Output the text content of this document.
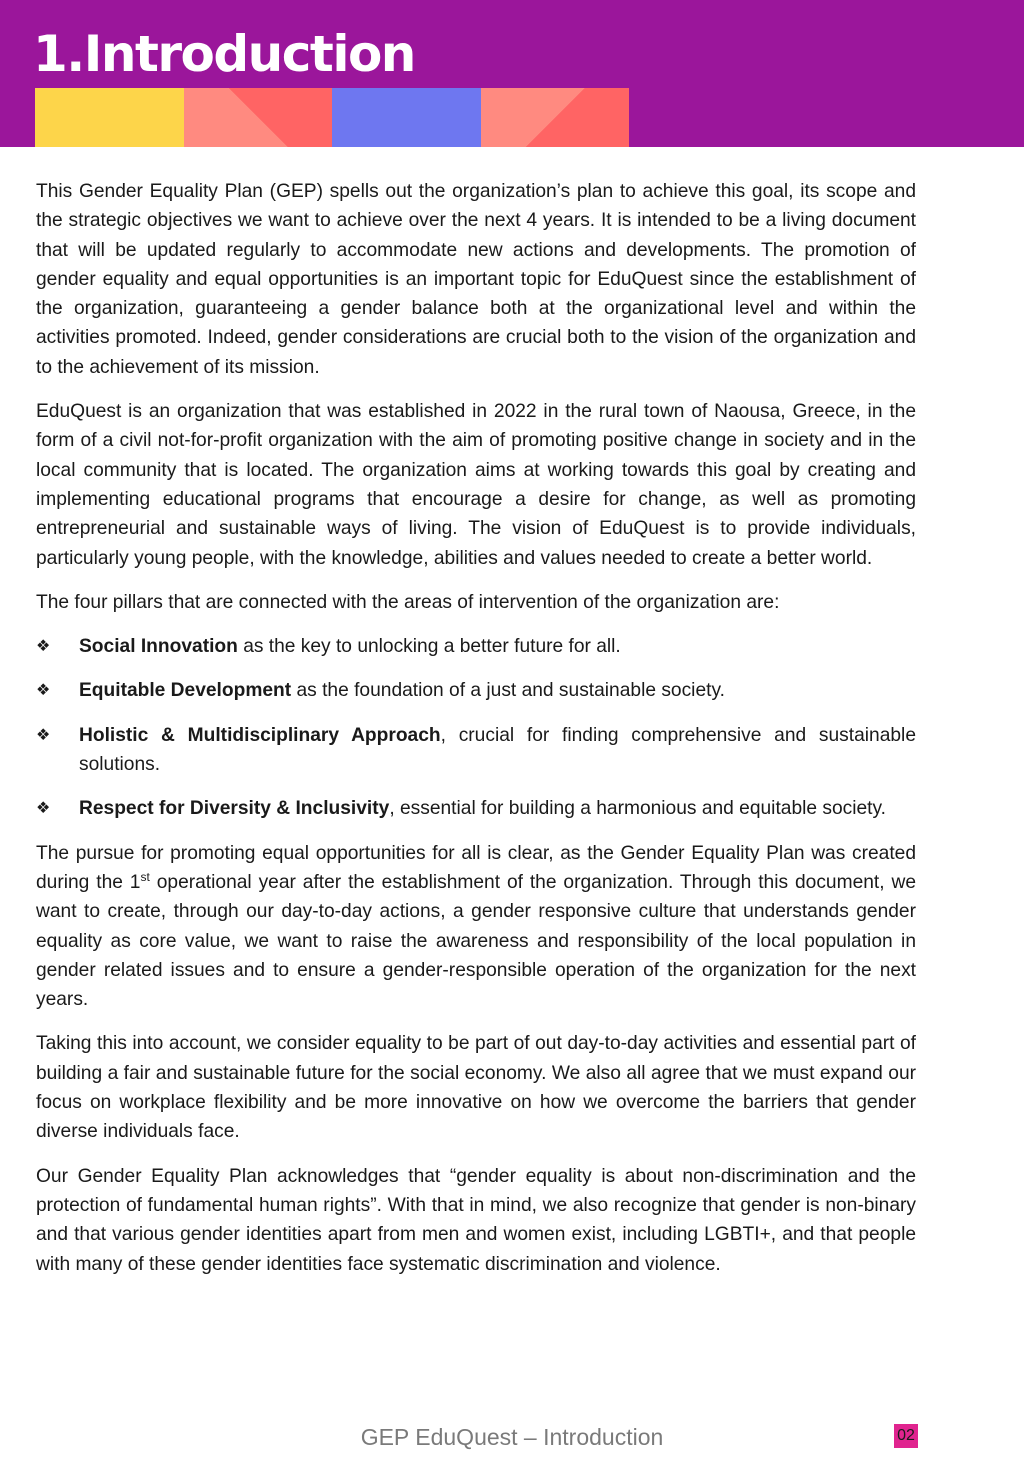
1.Introduction

This Gender Equality Plan (GEP) spells out the organization’s plan to achieve this goal, its scope and the strategic objectives we want to achieve over the next 4 years. It is intended to be a living document that will be updated regularly to accommodate new actions and developments. The promotion of gender equality and equal opportunities is an important topic for EduQuest since the establishment of the organization, guaranteeing a gender balance both at the organizational level and within the activities promoted. Indeed, gender considerations are crucial both to the vision of the organization and to the achievement of its mission.

EduQuest is an organization that was established in 2022 in the rural town of Naousa, Greece, in the form of a civil not-for-profit organization with the aim of promoting positive change in society and in the local community that is located. The organization aims at working towards this goal by creating and implementing educational programs that encourage a desire for change, as well as promoting entrepreneurial and sustainable ways of living. The vision of EduQuest is to provide individuals, particularly young people, with the knowledge, abilities and values needed to create a better world.

The four pillars that are connected with the areas of intervention of the organization are:

❖ Social Innovation as the key to unlocking a better future for all.
❖ Equitable Development as the foundation of a just and sustainable society.
❖ Holistic & Multidisciplinary Approach, crucial for finding comprehensive and sustainable solutions.
❖ Respect for Diversity & Inclusivity, essential for building a harmonious and equitable society.

The pursue for promoting equal opportunities for all is clear, as the Gender Equality Plan was created during the 1st operational year after the establishment of the organization. Through this document, we want to create, through our day-to-day actions, a gender responsive culture that understands gender equality as core value, we want to raise the awareness and responsibility of the local population in gender related issues and to ensure a gender-responsible operation of the organization for the next years.

Taking this into account, we consider equality to be part of out day-to-day activities and essential part of building a fair and sustainable future for the social economy. We also all agree that we must expand our focus on workplace flexibility and be more innovative on how we overcome the barriers that gender diverse individuals face.

Our Gender Equality Plan acknowledges that “gender equality is about non-discrimination and the protection of fundamental human rights”. With that in mind, we also recognize that gender is non-binary and that various gender identities apart from men and women exist, including LGBTI+, and that people with many of these gender identities face systematic discrimination and violence.

GEP EduQuest – Introduction	02
